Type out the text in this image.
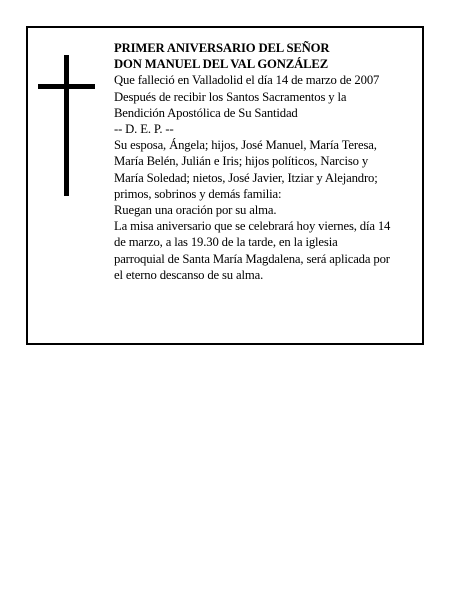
PRIMER ANIVERSARIO DEL SEÑOR
DON MANUEL DEL VAL GONZÁLEZ
Que falleció en Valladolid el día 14 de marzo de 2007
Después de recibir los Santos Sacramentos y la
Bendición Apostólica de Su Santidad
-- D. E. P. --
Su esposa, Ángela; hijos, José Manuel, María Teresa,
María Belén, Julián e Iris; hijos políticos, Narciso y
María Soledad; nietos, José Javier, Itziar y Alejandro;
primos, sobrinos y demás familia:
Ruegan una oración por su alma.
La misa aniversario que se celebrará hoy viernes, día 14
de marzo, a las 19.30 de la tarde, en la iglesia
parroquial de Santa María Magdalena, será aplicada por
el eterno descanso de su alma.
